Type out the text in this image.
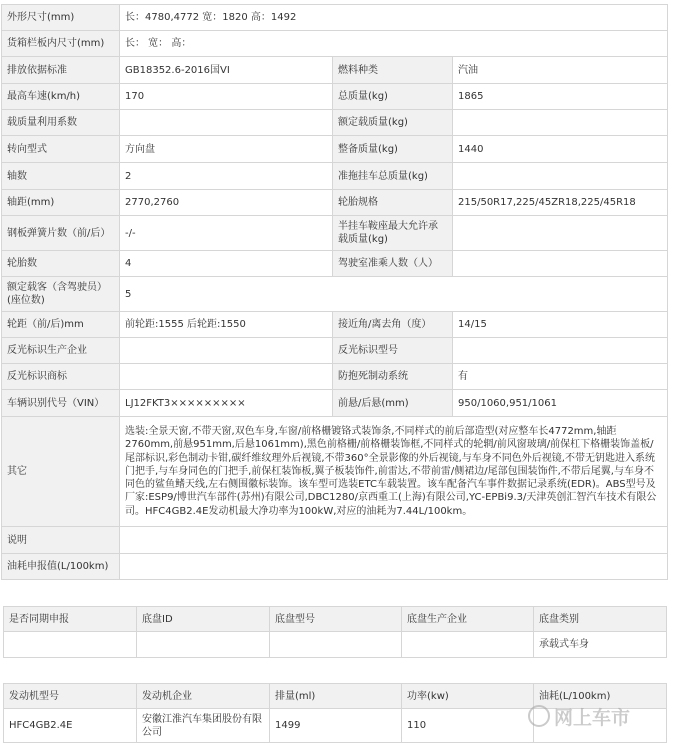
外形尺寸(mm)	长：4780,4772 宽：1820 高：1492		
货箱栏板内尺寸(mm)	长： 宽： 高：		
排放依据标准	GB18352.6-2016国VI	燃料种类	汽油
最高车速(km/h)	170	总质量(kg)	1865
载质量利用系数		额定载质量(kg)	
转向型式	方向盘	整备质量(kg)	1440
轴数	2	准拖挂车总质量(kg)	
轴距(mm)	2770,2760	轮胎规格	215/50R17,225/45ZR18,225/45R18
钢板弹簧片数（前/后）	-/-	半挂车鞍座最大允许承载质量(kg)	
轮胎数	4	驾驶室准乘人数（人）	
额定载客（含驾驶员）(座位数)	5		
轮距（前/后)mm	前轮距:1555 后轮距:1550	接近角/离去角（度）	14/15
反光标识生产企业		反光标识型号	
反光标识商标		防抱死制动系统	有
车辆识别代号（VIN）	LJ12FKT3×××××××××	前悬/后悬(mm)	950/1060,951/1061
其它	选装:全景天窗,不带天窗,双色车身,车窗/前格栅镀铬式装饰条,不同样式的前后部造型(对应整车长4772mm,轴距2760mm,前悬951mm,后悬1061mm),黑色前格栅/前格栅装饰框,不同样式的轮辋/前风窗玻璃/前保杠下格栅装饰盖板/尾部标识,彩色制动卡钳,碳纤维纹理外后视镜,不带360°全景影像的外后视镜,与车身不同色外后视镜,不带无钥匙进入系统门把手,与车身同色的门把手,前保杠装饰板,翼子板装饰件,前雷达,不带前雷/侧裙边/尾部包围装饰件,不带后尾翼,与车身不同色的鲨鱼鳍天线,左右侧围徽标装饰。该车型可选装ETC车载装置。该车配备汽车事件数据记录系统(EDR)。ABS型号及厂家:ESP9/博世汽车部件(苏州)有限公司,DBC1280/京西重工(上海)有限公司,YC-EPBi9.3/天津英创汇智汽车技术有限公司。HFC4GB2.4E发动机最大净功率为100kW,对应的油耗为7.44L/100km。		
说明			
油耗申报值(L/100km)			
是否同期申报	底盘ID	底盘型号	底盘生产企业	底盘类别
				承载式车身
发动机型号	发动机企业	排量(ml)	功率(kw)	油耗(L/100km)
HFC4GB2.4E	安徽江淮汽车集团股份有限公司	1499	110		网上车市
